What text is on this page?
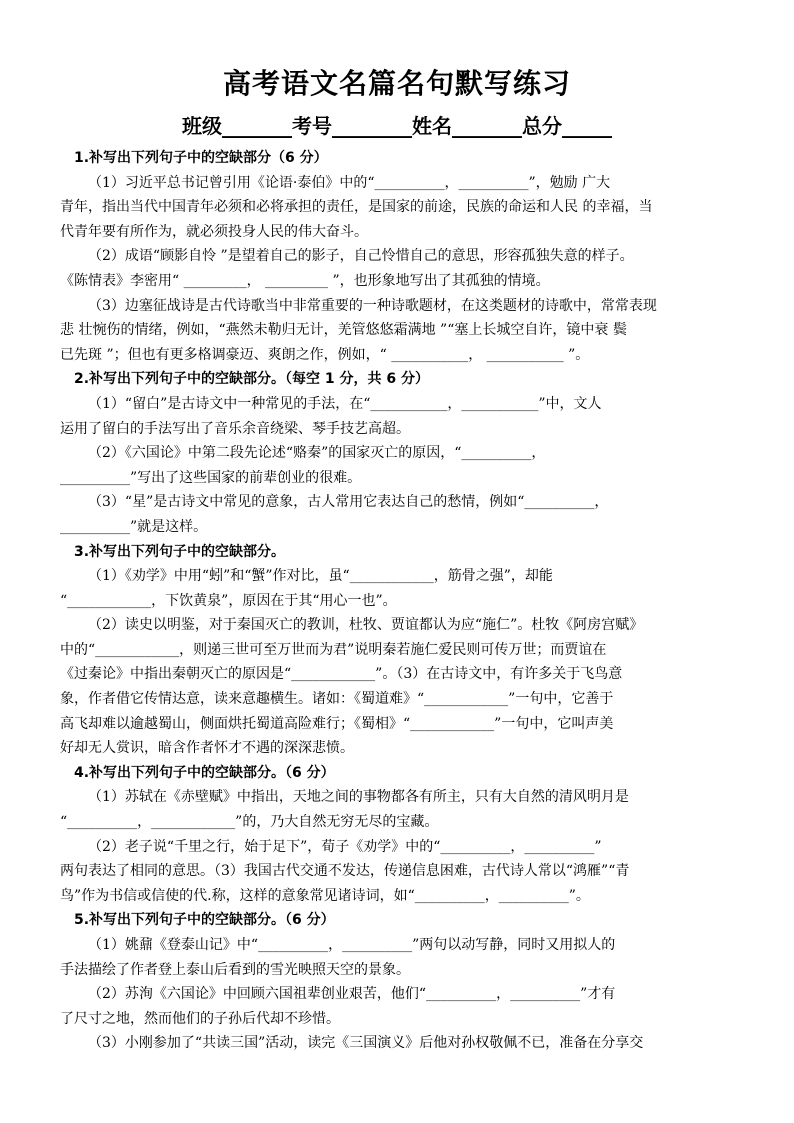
高考语文名篇名句默写练习
班级_______考号________姓名_______总分_____
1.补写出下列句子中的空缺部分（6 分）
（1）习近平总书记曾引用《论语·泰伯》中的“__________，__________”，勉励 广大
青年，指出当代中国青年必须和必将承担的责任，是国家的前途，民族的命运和人民 的幸福，当
代青年要有所作为，就必须投身人民的伟大奋斗。
（2）成语“顾影自怜 ”是望着自己的影子，自己怜惜自己的意思，形容孤独失意的样子。
《陈情表》李密用“ _________， _________ ”，也形象地写出了其孤独的情境。
（3）边塞征战诗是古代诗歌当中非常重要的一种诗歌题材，在这类题材的诗歌中，常常表现
悲 壮惋伤的情绪，例如，“燕然未勒归无计，羌管悠悠霜满地 ”“塞上长城空自许，镜中衰 鬓
已先斑 ”；但也有更多格调豪迈、爽朗之作，例如，“ ___________， ___________ ”。
2.补写出下列句子中的空缺部分。（每空 1 分，共 6 分）
（1）“留白”是古诗文中一种常见的手法，在“___________，___________”中，文人
运用了留白的手法写出了音乐余音绕梁、琴手技艺高超。
（2）《六国论》中第二段先论述“赂秦”的国家灭亡的原因，“__________，
__________”写出了这些国家的前辈创业的很难。
（3）“星”是古诗文中常见的意象，古人常用它表达自己的愁情，例如“__________，
__________”就是这样。
3.补写出下列句子中的空缺部分。
（1）《劝学》中用“蚓”和“蟹”作对比，虽“____________，筋骨之强”，却能
“____________，下饮黄泉”，原因在于其“用心一也”。
（2）读史以明鉴，对于秦国灭亡的教训，杜牧、贾谊都认为应“施仁”。杜牧《阿房宫赋》
中的“____________，则递三世可至万世而为君”说明秦若施仁爱民则可传万世；而贾谊在
《过秦论》中指出秦朝灭亡的原因是“____________”。（3）在古诗文中，有许多关于飞鸟意
象，作者借它传情达意，读来意趣横生。诸如：《蜀道难》“____________”一句中，它善于
高飞却难以逾越蜀山，侧面烘托蜀道高险难行；《蜀相》“____________”一句中，它叫声美
好却无人赏识，暗含作者怀才不遇的深深悲愤。
4.补写出下列句子中的空缺部分。（6 分）
（1）苏轼在《赤壁赋》中指出，天地之间的事物都各有所主，只有大自然的清风明月是
“__________，____________”的，乃大自然无穷无尽的宝藏。
（2）老子说“千里之行，始于足下”，荀子《劝学》中的“__________，__________”
两句表达了相同的意思。（3）我国古代交通不发达，传递信息困难，古代诗人常以“鸿雁”“青
鸟”作为书信或信使的代.称，这样的意象常见诸诗词，如“__________，__________”。
5.补写出下列句子中的空缺部分。（6 分）
（1）姚鼐《登泰山记》中“__________，__________”两句以动写静，同时又用拟人的
手法描绘了作者登上泰山后看到的雪光映照天空的景象。
（2）苏洵《六国论》中回顾六国祖辈创业艰苦，他们“__________，__________”才有
了尺寸之地，然而他们的子孙后代却不珍惜。
（3）小刚参加了“共读三国”活动，读完《三国演义》后他对孙权敬佩不已，准备在分享交
